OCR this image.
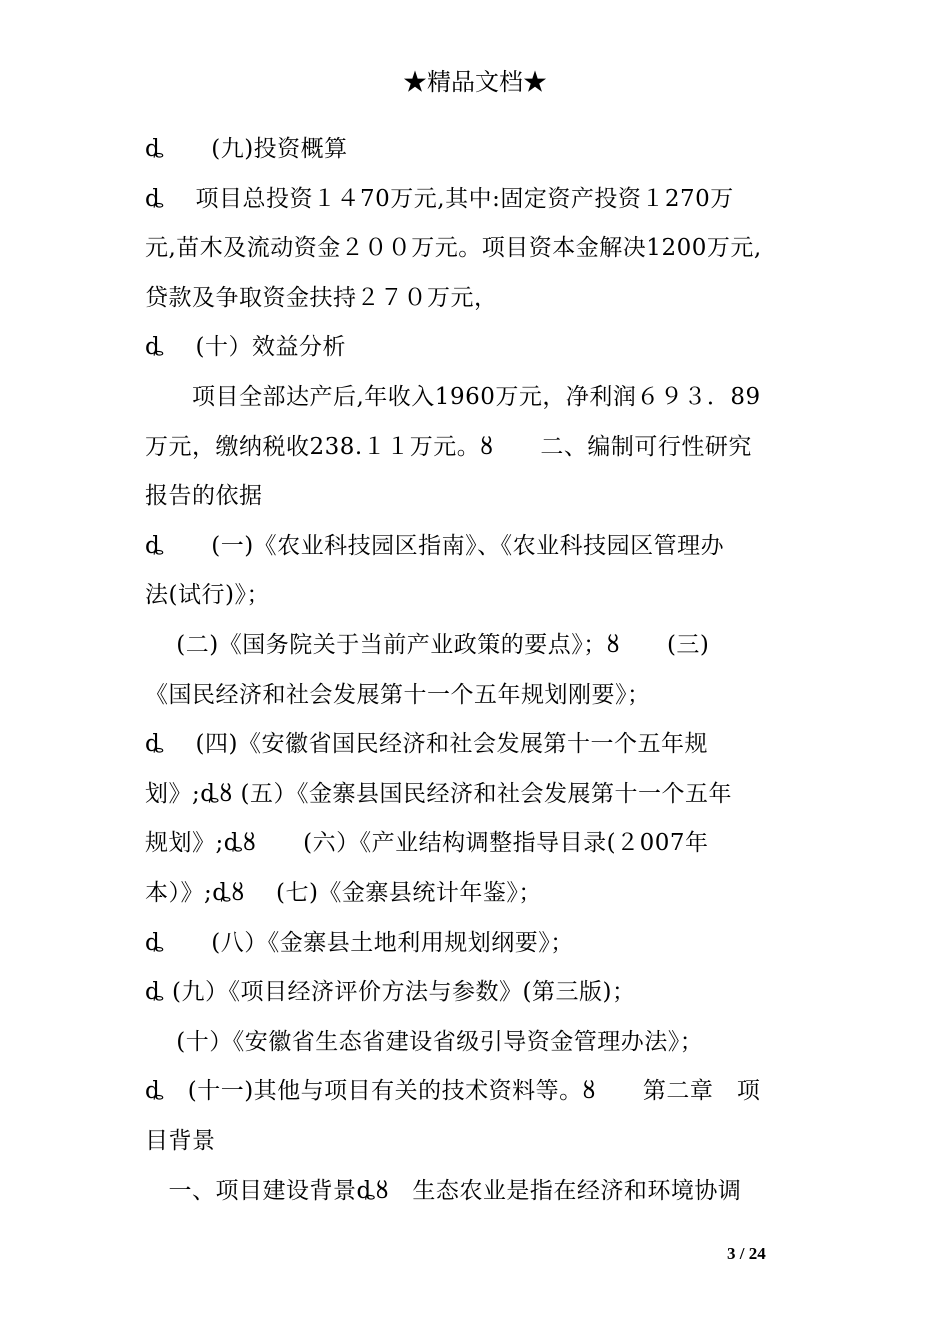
★精品文档★
ȡ　　(九)投资概算
ȡ　 项目总投资１４70万元,其中:固定资产投资１270万
元,苗木及流动资金２００万元。项目资本金解决1200万元,
贷款及争取资金扶持２７０万元，
ȡ　 (十）效益分析
　　项目全部达产后,年收入1960万元，净利润６９３．89
万元，缴纳税收238.１１万元。ȣ　　二、编制可行性研究
报告的依据
ȡ　　(一)《农业科技园区指南》、《农业科技园区管理办
法(试行)》；
　 (二)《国务院关于当前产业政策的要点》；ȣ　　(三)
《国民经济和社会发展第十一个五年规划刚要》；
ȡ　 (四)《安徽省国民经济和社会发展第十一个五年规
划》;ȡȣ (五）《金寨县国民经济和社会发展第十一个五年
规划》;ȡȣ　　(六）《产业结构调整指导目录(２007年
本）》;ȡȣ　 (七)《金寨县统计年鉴》；
ȡ　　(八）《金寨县土地利用规划纲要》；
ȡ (九）《项目经济评价方法与参数》(第三版)；
　 (十）《安徽省生态省建设省级引导资金管理办法》；
ȡ　(十一)其他与项目有关的技术资料等。ȣ　　第二章　项
目背景
　一、项目建设背景ȡȣ　生态农业是指在经济和环境协调
3 / 24
